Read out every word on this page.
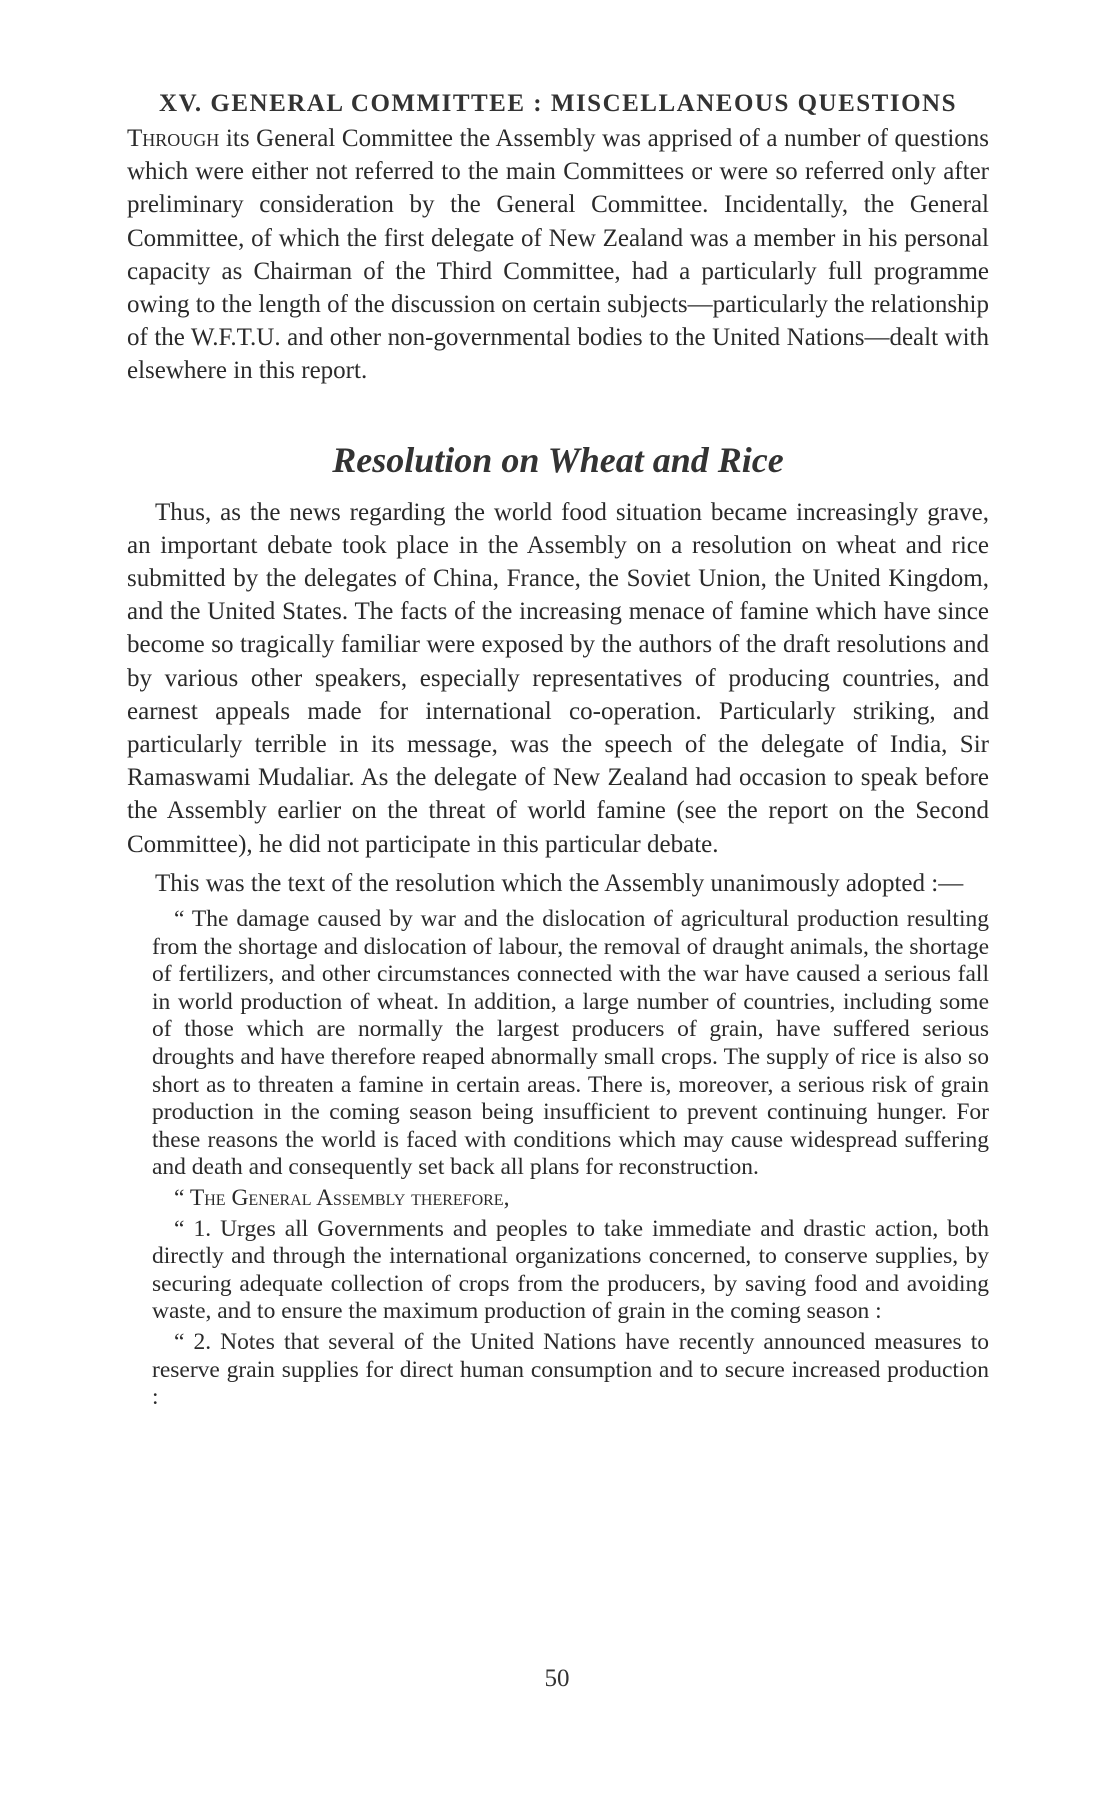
XV. GENERAL COMMITTEE : MISCELLANEOUS QUESTIONS

Through its General Committee the Assembly was apprised of a number of questions which were either not referred to the main Committees or were so referred only after preliminary consideration by the General Committee. Incidentally, the General Committee, of which the first delegate of New Zealand was a member in his personal capacity as Chairman of the Third Committee, had a particularly full programme owing to the length of the discussion on certain subjects—particularly the relationship of the W.F.T.U. and other non-governmental bodies to the United Nations—dealt with elsewhere in this report.

Resolution on Wheat and Rice

Thus, as the news regarding the world food situation became increasingly grave, an important debate took place in the Assembly on a resolution on wheat and rice submitted by the delegates of China, France, the Soviet Union, the United Kingdom, and the United States. The facts of the increasing menace of famine which have since become so tragically familiar were exposed by the authors of the draft resolutions and by various other speakers, especially representatives of producing countries, and earnest appeals made for international co-operation. Particularly striking, and particularly terrible in its message, was the speech of the delegate of India, Sir Ramaswami Mudaliar. As the delegate of New Zealand had occasion to speak before the Assembly earlier on the threat of world famine (see the report on the Second Committee), he did not participate in this particular debate.

This was the text of the resolution which the Assembly unanimously adopted :—

“ The damage caused by war and the dislocation of agricultural production resulting from the shortage and dislocation of labour, the removal of draught animals, the shortage of fertilizers, and other circumstances connected with the war have caused a serious fall in world production of wheat. In addition, a large number of countries, including some of those which are normally the largest producers of grain, have suffered serious droughts and have therefore reaped abnormally small crops. The supply of rice is also so short as to threaten a famine in certain areas. There is, moreover, a serious risk of grain production in the coming season being insufficient to prevent continuing hunger. For these reasons the world is faced with conditions which may cause widespread suffering and death and consequently set back all plans for reconstruction.

“ The General Assembly therefore,

“ 1. Urges all Governments and peoples to take immediate and drastic action, both directly and through the international organizations concerned, to conserve supplies, by securing adequate collection of crops from the producers, by saving food and avoiding waste, and to ensure the maximum production of grain in the coming season :

“ 2. Notes that several of the United Nations have recently announced measures to reserve grain supplies for direct human consumption and to secure increased production :

50
